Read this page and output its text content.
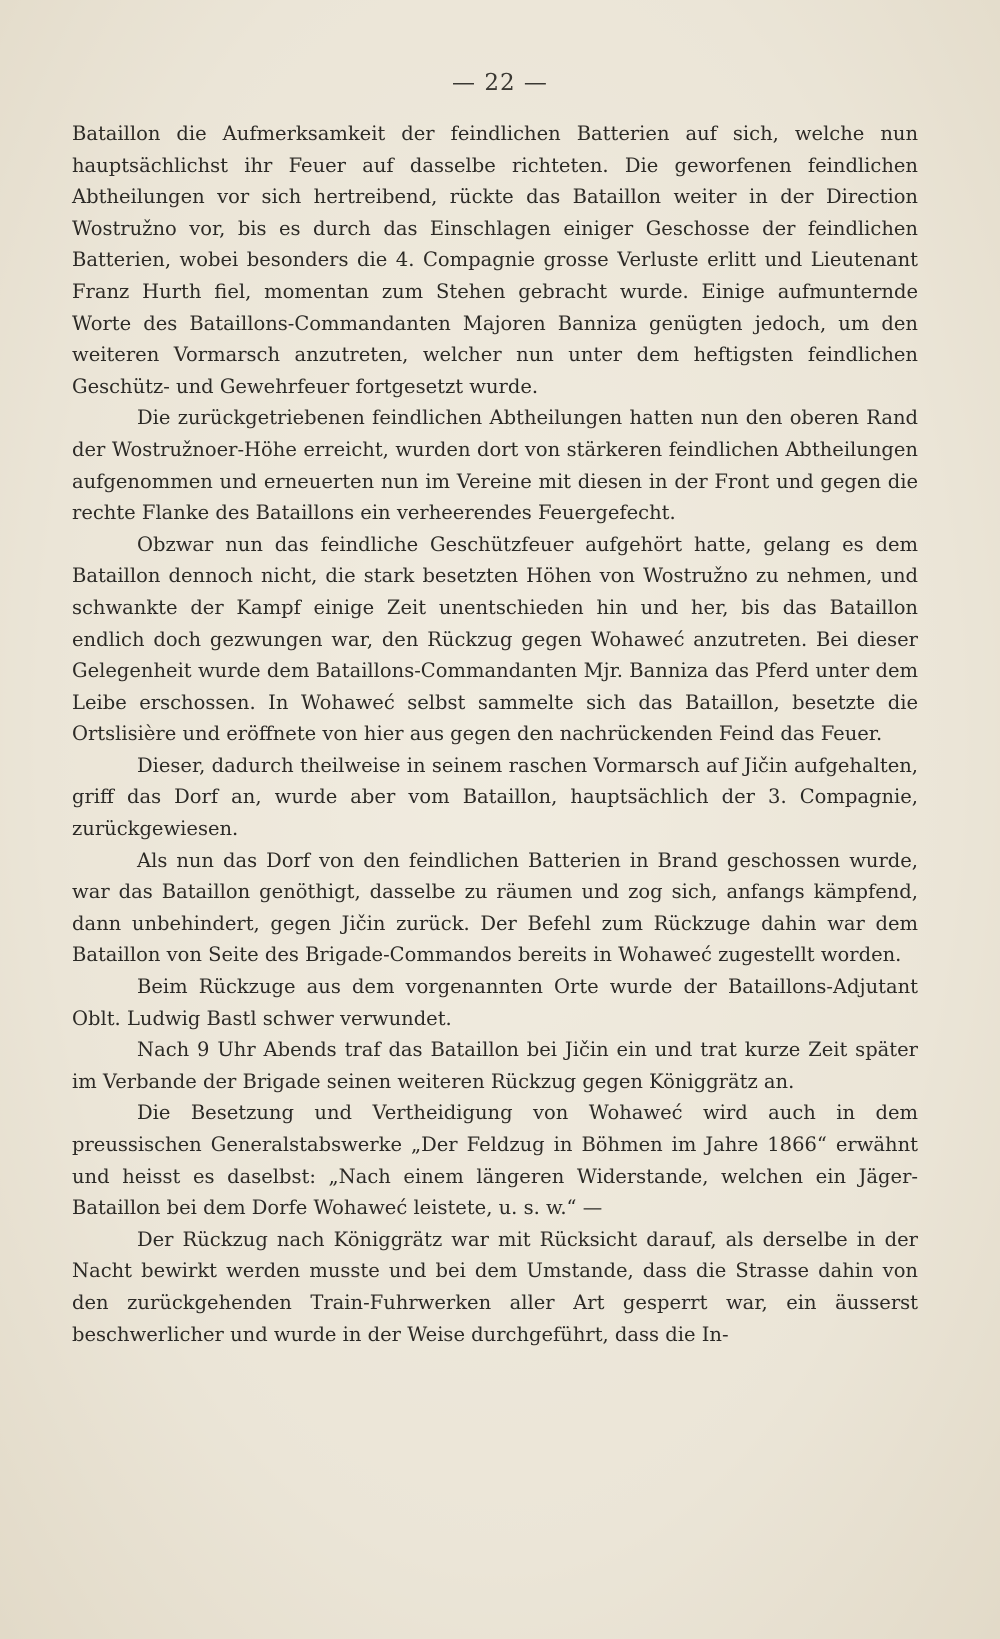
— 22 —

Bataillon die Aufmerksamkeit der feindlichen Batterien auf sich, welche nun hauptsächlichst ihr Feuer auf dasselbe richteten. Die geworfenen feindlichen Abtheilungen vor sich hertreibend, rückte das Bataillon weiter in der Direction Wostružno vor, bis es durch das Einschlagen einiger Geschosse der feindlichen Batterien, wobei besonders die 4. Compagnie grosse Verluste erlitt und Lieutenant Franz Hurth fiel, momentan zum Stehen gebracht wurde. Einige aufmunternde Worte des Bataillons-Commandanten Majoren Banniza genügten jedoch, um den weiteren Vormarsch anzutreten, welcher nun unter dem heftigsten feindlichen Geschütz- und Gewehrfeuer fortgesetzt wurde.

Die zurückgetriebenen feindlichen Abtheilungen hatten nun den oberen Rand der Wostružnoer-Höhe erreicht, wurden dort von stärkeren feindlichen Abtheilungen aufgenommen und erneuerten nun im Vereine mit diesen in der Front und gegen die rechte Flanke des Bataillons ein verheerendes Feuergefecht.

Obzwar nun das feindliche Geschützfeuer aufgehört hatte, gelang es dem Bataillon dennoch nicht, die stark besetzten Höhen von Wostružno zu nehmen, und schwankte der Kampf einige Zeit unentschieden hin und her, bis das Bataillon endlich doch gezwungen war, den Rückzug gegen Wohaweć anzutreten. Bei dieser Gelegenheit wurde dem Bataillons-Commandanten Mjr. Banniza das Pferd unter dem Leibe erschossen. In Wohaweć selbst sammelte sich das Bataillon, besetzte die Ortslisière und eröffnete von hier aus gegen den nachrückenden Feind das Feuer.

Dieser, dadurch theilweise in seinem raschen Vormarsch auf Jičin aufgehalten, griff das Dorf an, wurde aber vom Bataillon, hauptsächlich der 3. Compagnie, zurückgewiesen.

Als nun das Dorf von den feindlichen Batterien in Brand geschossen wurde, war das Bataillon genöthigt, dasselbe zu räumen und zog sich, anfangs kämpfend, dann unbehindert, gegen Jičin zurück. Der Befehl zum Rückzuge dahin war dem Bataillon von Seite des Brigade-Commandos bereits in Wohaweć zugestellt worden.

Beim Rückzuge aus dem vorgenannten Orte wurde der Bataillons-Adjutant Oblt. Ludwig Bastl schwer verwundet.

Nach 9 Uhr Abends traf das Bataillon bei Jičin ein und trat kurze Zeit später im Verbande der Brigade seinen weiteren Rückzug gegen Königgrätz an.

Die Besetzung und Vertheidigung von Wohaweć wird auch in dem preussischen Generalstabswerke „Der Feldzug in Böhmen im Jahre 1866“ erwähnt und heisst es daselbst: „Nach einem längeren Widerstande, welchen ein Jäger-Bataillon bei dem Dorfe Wohaweć leistete, u. s. w.“ —

Der Rückzug nach Königgrätz war mit Rücksicht darauf, als derselbe in der Nacht bewirkt werden musste und bei dem Umstande, dass die Strasse dahin von den zurückgehenden Train-Fuhrwerken aller Art gesperrt war, ein äusserst beschwerlicher und wurde in der Weise durchgeführt, dass die In-
